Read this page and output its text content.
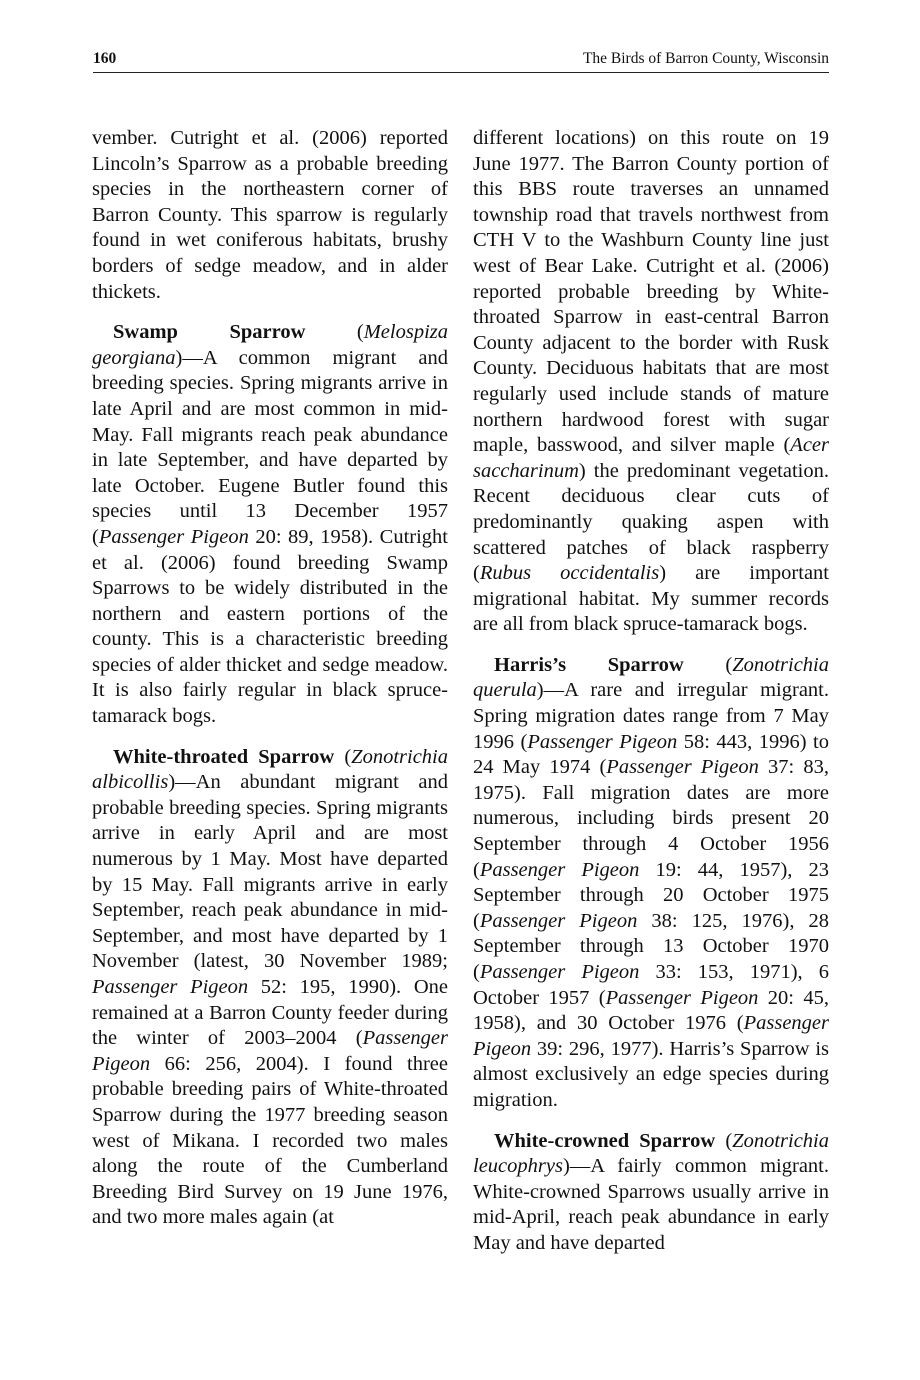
160	The Birds of Barron County, Wisconsin

vember. Cutright et al. (2006) reported Lincoln’s Sparrow as a probable breeding species in the northeastern corner of Barron County. This sparrow is regularly found in wet coniferous habitats, brushy borders of sedge meadow, and in alder thickets.

Swamp Sparrow (Melospiza georgiana)—A common migrant and breeding species. Spring migrants arrive in late April and are most common in mid-May. Fall migrants reach peak abundance in late September, and have departed by late October. Eugene Butler found this species until 13 December 1957 (Passenger Pigeon 20: 89, 1958). Cutright et al. (2006) found breeding Swamp Sparrows to be widely distributed in the northern and eastern portions of the county. This is a characteristic breeding species of alder thicket and sedge meadow. It is also fairly regular in black spruce-tamarack bogs.

White-throated Sparrow (Zonotrichia albicollis)—An abundant migrant and probable breeding species. Spring migrants arrive in early April and are most numerous by 1 May. Most have departed by 15 May. Fall migrants arrive in early September, reach peak abundance in mid-September, and most have departed by 1 November (latest, 30 November 1989; Passenger Pigeon 52: 195, 1990). One remained at a Barron County feeder during the winter of 2003–2004 (Passenger Pigeon 66: 256, 2004). I found three probable breeding pairs of White-throated Sparrow during the 1977 breeding season west of Mikana. I recorded two males along the route of the Cumberland Breeding Bird Survey on 19 June 1976, and two more males again (at

different locations) on this route on 19 June 1977. The Barron County portion of this BBS route traverses an unnamed township road that travels northwest from CTH V to the Washburn County line just west of Bear Lake. Cutright et al. (2006) reported probable breeding by White-throated Sparrow in east-central Barron County adjacent to the border with Rusk County. Deciduous habitats that are most regularly used include stands of mature northern hardwood forest with sugar maple, basswood, and silver maple (Acer saccharinum) the predominant vegetation. Recent deciduous clear cuts of predominantly quaking aspen with scattered patches of black raspberry (Rubus occidentalis) are important migrational habitat. My summer records are all from black spruce-tamarack bogs.

Harris’s Sparrow (Zonotrichia querula)—A rare and irregular migrant. Spring migration dates range from 7 May 1996 (Passenger Pigeon 58: 443, 1996) to 24 May 1974 (Passenger Pigeon 37: 83, 1975). Fall migration dates are more numerous, including birds present 20 September through 4 October 1956 (Passenger Pigeon 19: 44, 1957), 23 September through 20 October 1975 (Passenger Pigeon 38: 125, 1976), 28 September through 13 October 1970 (Passenger Pigeon 33: 153, 1971), 6 October 1957 (Passenger Pigeon 20: 45, 1958), and 30 October 1976 (Passenger Pigeon 39: 296, 1977). Harris’s Sparrow is almost exclusively an edge species during migration.

White-crowned Sparrow (Zonotrichia leucophrys)—A fairly common migrant. White-crowned Sparrows usually arrive in mid-April, reach peak abundance in early May and have departed
